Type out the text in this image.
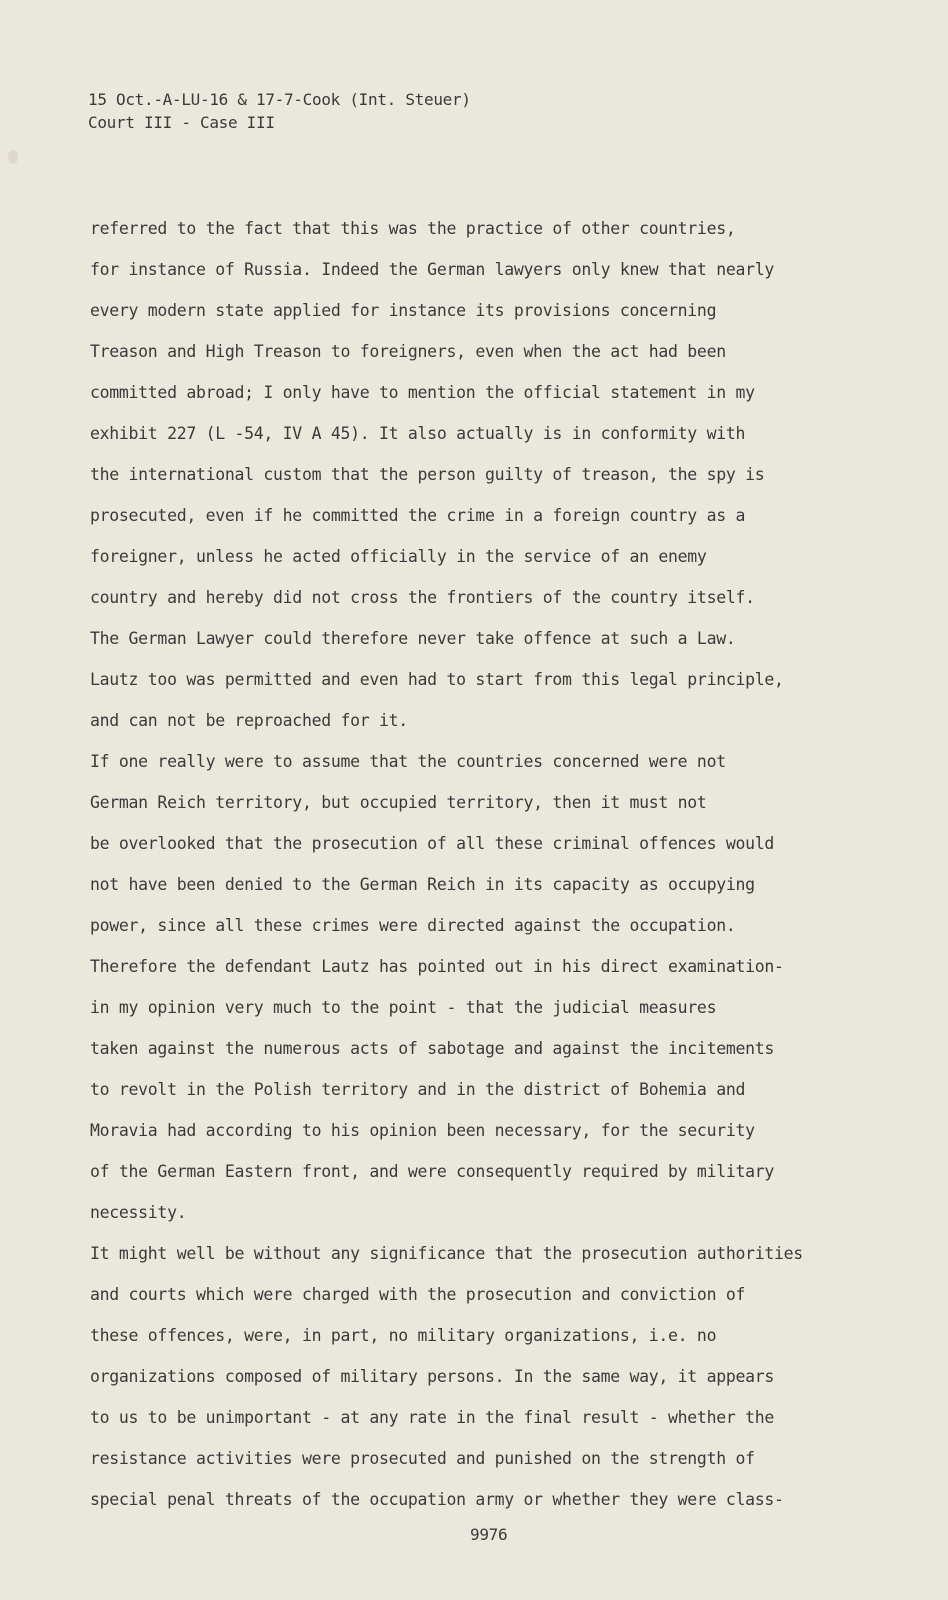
15 Oct.-A-LU-16 & 17-7-Cook (Int. Steuer)
Court III - Case III
referred to the fact that this was the practice of other countries,
for instance of Russia. Indeed the German lawyers only knew that nearly
every modern state applied for instance its provisions concerning
Treason and High Treason to foreigners, even when the act had been
committed abroad; I only have to mention the official statement in my
exhibit 227 (L -54, IV A 45). It also actually is in conformity with
the international custom that the person guilty of treason, the spy is
prosecuted, even if he committed the crime in a foreign country as a
foreigner, unless he acted officially in the service of an enemy
country and hereby did not cross the frontiers of the country itself.
The German Lawyer could therefore never take offence at such a Law.
Lautz too was permitted and even had to start from this legal principle,
and can not be reproached for it.
If one really were to assume that the countries concerned were not
German Reich territory, but occupied territory, then it must not
be overlooked that the prosecution of all these criminal offences would
not have been denied to the German Reich in its capacity as occupying
power, since all these crimes were directed against the occupation.
Therefore the defendant Lautz has pointed out in his direct examination-
in my opinion very much to the point - that the judicial measures
taken against the numerous acts of sabotage and against the incitements
to revolt in the Polish territory and in the district of Bohemia and
Moravia had according to his opinion been necessary, for the security
of the German Eastern front, and were consequently required by military
necessity.
It might well be without any significance that the prosecution authorities
and courts which were charged with the prosecution and conviction of
these offences, were, in part, no military organizations, i.e. no
organizations composed of military persons. In the same way, it appears
to us to be unimportant - at any rate in the final result - whether the
resistance activities were prosecuted and punished on the strength of
special penal threats of the occupation army or whether they were class-
9976
